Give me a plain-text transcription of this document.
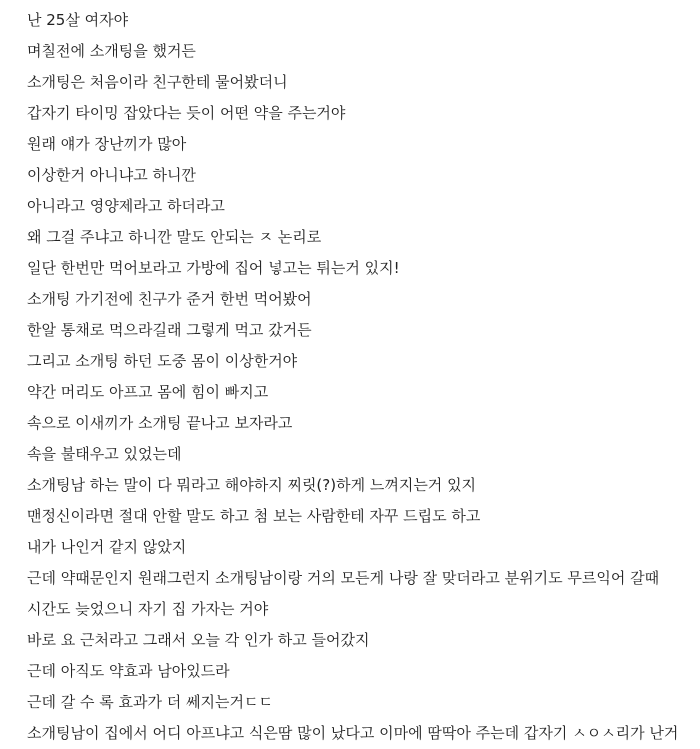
난 25살 여자야
며칠전에 소개팅을 했거든
소개팅은 처음이라 친구한테 물어봤더니
갑자기 타이밍 잡았다는 듯이 어떤 약을 주는거야
원래 얘가 장난끼가 많아
이상한거 아니냐고 하니깐
아니라고 영양제라고 하더라고
왜 그걸 주냐고 하니깐 말도 안되는 ㅈ 논리로
일단 한번만 먹어보라고 가방에 집어 넣고는 튀는거 있지!
소개팅 가기전에 친구가 준거 한번 먹어봤어
한알 통채로 먹으라길래 그렇게 먹고 갔거든
그리고 소개팅 하던 도중 몸이 이상한거야
약간 머리도 아프고 몸에 힘이 빠지고
속으로 이새끼가 소개팅 끝나고 보자라고
속을 불태우고 있었는데
소개팅남 하는 말이 다 뭐라고 해야하지 찌릿(?)하게 느껴지는거 있지
맨정신이라면 절대 안할 말도 하고 첨 보는 사람한테 자꾸 드립도 하고
내가 나인거 같지 않았지
근데 약때문인지 원래그런지 소개팅남이랑 거의 모든게 나랑 잘 맞더라고 분위기도 무르익어 갈때
시간도 늦었으니 자기 집 가자는 거야
바로 요 근처라고 그래서 오늘 각 인가 하고 들어갔지
근데 아직도 약효과 남아있드라
근데 갈 수 록 효과가 더 쎄지는거ㄷㄷ
소개팅남이 집에서 어디 아프냐고 식은땀 많이 났다고 이마에 땀딱아 주는데 갑자기 ㅅㅇㅅ리가 난거
